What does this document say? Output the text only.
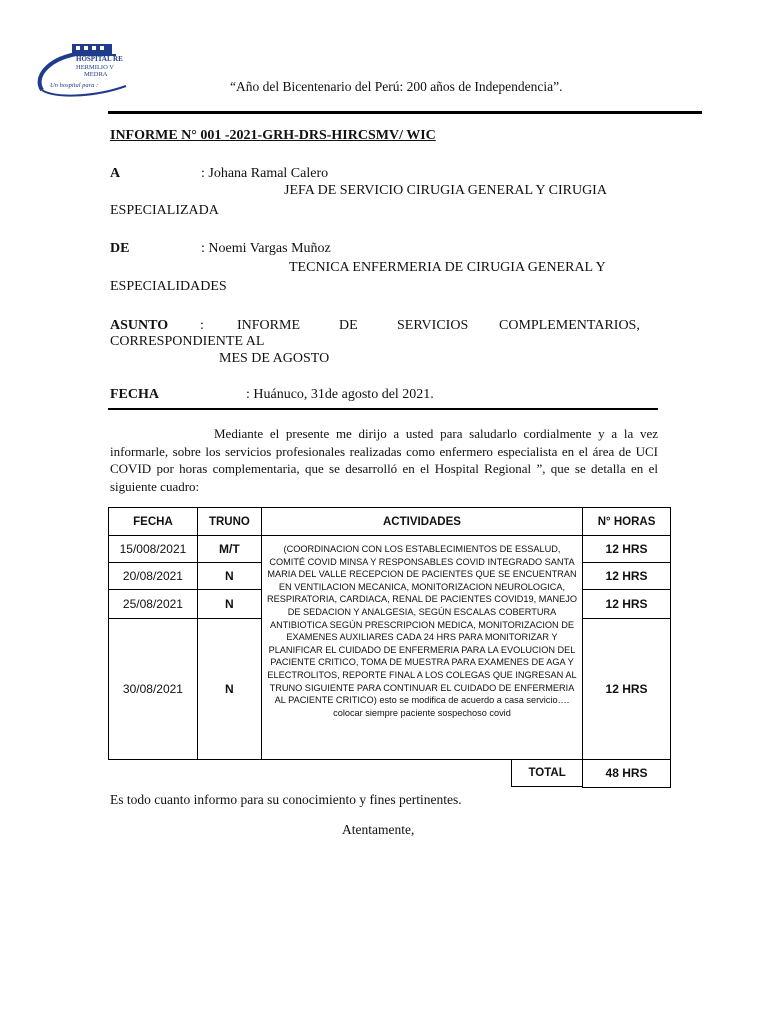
HOSPITAL RE
HERMILIO V
MEDRA
Un hospital para :	“Año del Bicentenario del Perú: 200 años de Independencia”.
INFORME N° 001 -2021-GRH-DRS-HIRCSMV/ WIC
A	: Johana Ramal Calero
JEFA DE SERVICIO CIRUGIA GENERAL Y CIRUGIA
ESPECIALIZADA
DE	: Noemi Vargas Muñoz
TECNICA ENFERMERIA DE CIRUGIA GENERAL Y
ESPECIALIDADES
ASUNTO : INFORME	DE	SERVICIOS COMPLEMENTARIOS,
CORRESPONDIENTE AL
MES DE AGOSTO
FECHA	: Huánuco, 31de agosto del 2021.
Mediante el presente me dirijo a usted para saludarlo cordialmente y a la vez informarle, sobre los servicios profesionales realizadas como enfermero especialista en el área de UCI COVID por horas complementaria, que se desarrolló en el Hospital Regional ”, que se detalla en el siguiente cuadro:
FECHA	TRUNO	ACTIVIDADES	N° HORAS
15/008/2021	M/T	(COORDINACION CON LOS ESTABLECIMIENTOS DE ESSALUD, COMITÉ COVID MINSA Y RESPONSABLES COVID INTEGRADO SANTA MARIA DEL VALLE RECEPCION DE PACIENTES QUE SE ENCUENTRAN EN VENTILACION MECANICA, MONITORIZACION NEUROLOGICA, RESPIRATORIA, CARDIACA, RENAL DE PACIENTES COVID19, MANEJO DE SEDACION Y ANALGESIA, SEGÚN ESCALAS COBERTURA ANTIBIOTICA SEGÚN PRESCRIPCION MEDICA, MONITORIZACION DE EXAMENES AUXILIARES CADA 24 HRS PARA MONITORIZAR Y PLANIFICAR EL CUIDADO DE ENFERMERIA PARA LA EVOLUCION DEL PACIENTE CRITICO, TOMA DE MUESTRA PARA EXAMENES DE AGA Y ELECTROLITOS, REPORTE FINAL A LOS COLEGAS QUE INGRESAN AL TRUNO SIGUIENTE PARA CONTINUAR EL CUIDADO DE ENFERMERIA AL PACIENTE CRITICO) esto se modifica de acuerdo a casa servicio…. colocar siempre paciente sospechoso covid	12 HRS
20/08/2021	N		12 HRS
25/08/2021	N		12 HRS
30/08/2021	N		12 HRS

TOTAL	48 HRS
Es todo cuanto informo para su conocimiento y fines pertinentes.
Atentamente,
